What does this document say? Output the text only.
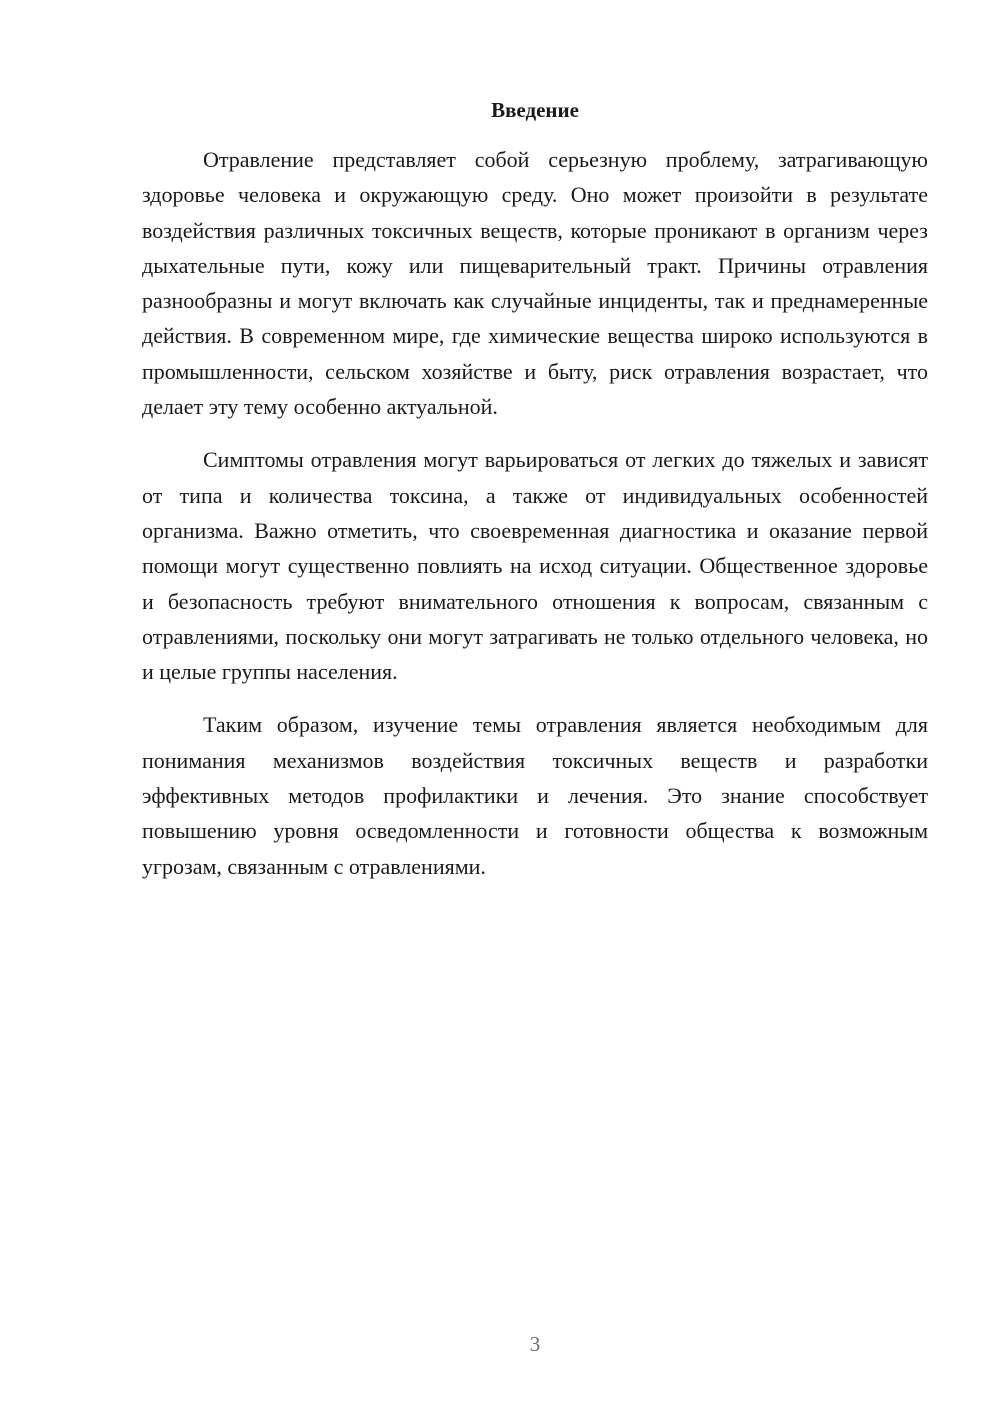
Введение

Отравление представляет собой серьезную проблему, затрагивающую здоровье человека и окружающую среду. Оно может произойти в результате воздействия различных токсичных веществ, которые проникают в организм через дыхательные пути, кожу или пищеварительный тракт. Причины отравления разнообразны и могут включать как случайные инциденты, так и преднамеренные действия. В современном мире, где химические вещества широко используются в промышленности, сельском хозяйстве и быту, риск отравления возрастает, что делает эту тему особенно актуальной.

Симптомы отравления могут варьироваться от легких до тяжелых и зависят от типа и количества токсина, а также от индивидуальных особенностей организма. Важно отметить, что своевременная диагностика и оказание первой помощи могут существенно повлиять на исход ситуации. Общественное здоровье и безопасность требуют внимательного отношения к вопросам, связанным с отравлениями, поскольку они могут затрагивать не только отдельного человека, но и целые группы населения.

Таким образом, изучение темы отравления является необходимым для понимания механизмов воздействия токсичных веществ и разработки эффективных методов профилактики и лечения. Это знание способствует повышению уровня осведомленности и готовности общества к возможным угрозам, связанным с отравлениями.

3
